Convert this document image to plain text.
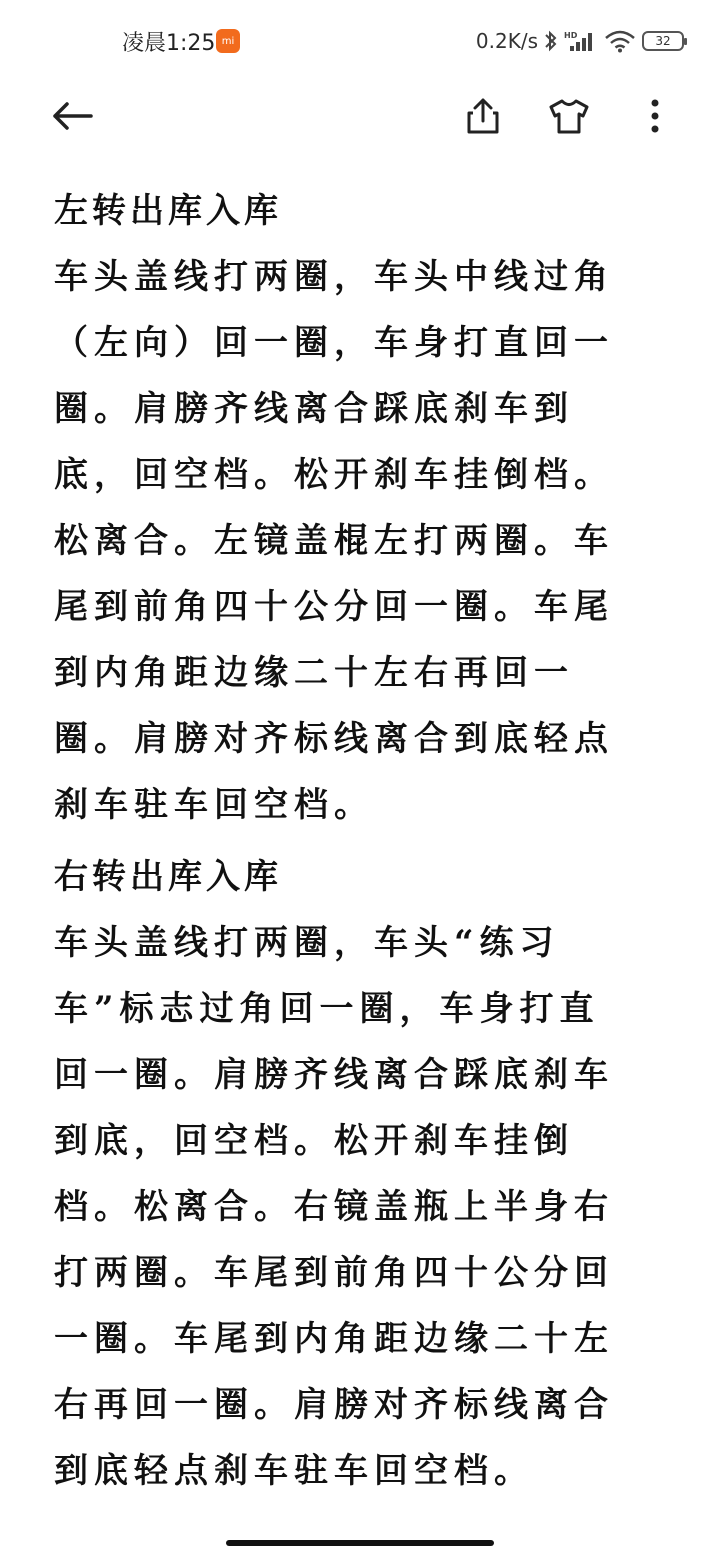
凌晨1:25 mi	0.2K/s	HD	32

左转出库入库

车头盖线打两圈，车头中线过角（左向）回一圈，车身打直回一圈。肩膀齐线离合踩底刹车到底，回空档。松开刹车挂倒档。松离合。左镜盖棍左打两圈。车尾到前角四十公分回一圈。车尾到内角距边缘二十左右再回一圈。肩膀对齐标线离合到底轻点刹车驻车回空档。

右转出库入库

车头盖线打两圈，车头“练习车”标志过角回一圈，车身打直回一圈。肩膀齐线离合踩底刹车到底，回空档。松开刹车挂倒档。松离合。右镜盖瓶上半身右打两圈。车尾到前角四十公分回一圈。车尾到内角距边缘二十左右再回一圈。肩膀对齐标线离合到底轻点刹车驻车回空档。
